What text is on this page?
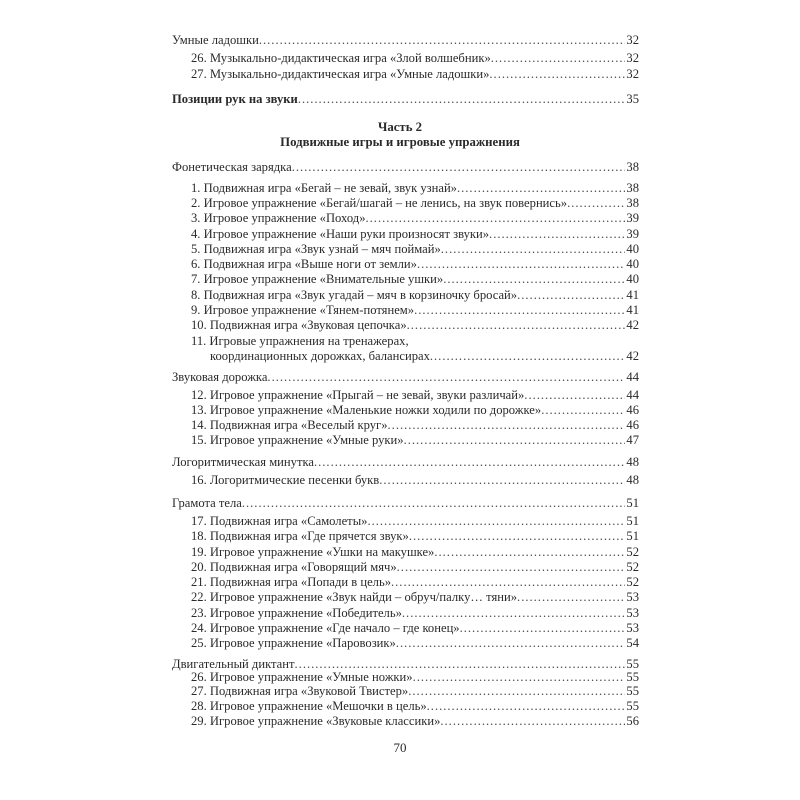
Часть 2
Подвижные игры и игровые упражнения
Умные ладошки .....	32
26. Музыкально-дидактическая игра «Злой волшебник» .....	32
27. Музыкально-дидактическая игра «Умные ладошки» .....	32
Позиции рук на звуки .....	35
Фонетическая зарядка .....	38
1. Подвижная игра «Бегай – не зевай, звук узнай» .....	38
2. Игровое упражнение «Бегай/шагай – не ленись, на звук повернись» .....	38
3. Игровое упражнение «Поход» .....	39
4. Игровое упражнение «Наши руки произносят звуки» .....	39
5. Подвижная игра «Звук узнай – мяч поймай» .....	40
6. Подвижная игра «Выше ноги от земли» .....	40
7. Игровое упражнение «Внимательные ушки» .....	40
8. Подвижная игра «Звук угадай – мяч в корзиночку бросай» .....	41
9. Игровое упражнение «Тянем-потянем» .....	41
10. Подвижная игра «Звуковая цепочка» .....	42
11. Игровые упражнения на тренажерах,
координационных дорожках, балансирах .....	42
Звуковая дорожка .....	44
12. Игровое упражнение «Прыгай – не зевай, звуки различай» .....	44
13. Игровое упражнение «Маленькие ножки ходили по дорожке» .....	46
14. Подвижная игра «Веселый круг» .....	46
15. Игровое упражнение «Умные руки» .....	47
Логоритмическая минутка .....	48
16. Логоритмические песенки букв .....	48
Грамота тела .....	51
17. Подвижная игра «Самолеты» .....	51
18. Подвижная игра «Где прячется звук» .....	51
19. Игровое упражнение «Ушки на макушке» .....	52
20. Подвижная игра «Говорящий мяч» .....	52
21. Подвижная игра «Попади в цель» .....	52
22. Игровое упражнение «Звук найди – обруч/палку… тяни» .....	53
23. Игровое упражнение «Победитель» .....	53
24. Игровое упражнение «Где начало – где конец» .....	53
25. Игровое упражнение «Паровозик» .....	54
Двигательный диктант .....	55
26. Игровое упражнение «Умные ножки» .....	55
27. Подвижная игра «Звуковой Твистер» .....	55
28. Игровое упражнение «Мешочки в цель» .....	55
29. Игровое упражнение «Звуковые классики» .....	56
70
